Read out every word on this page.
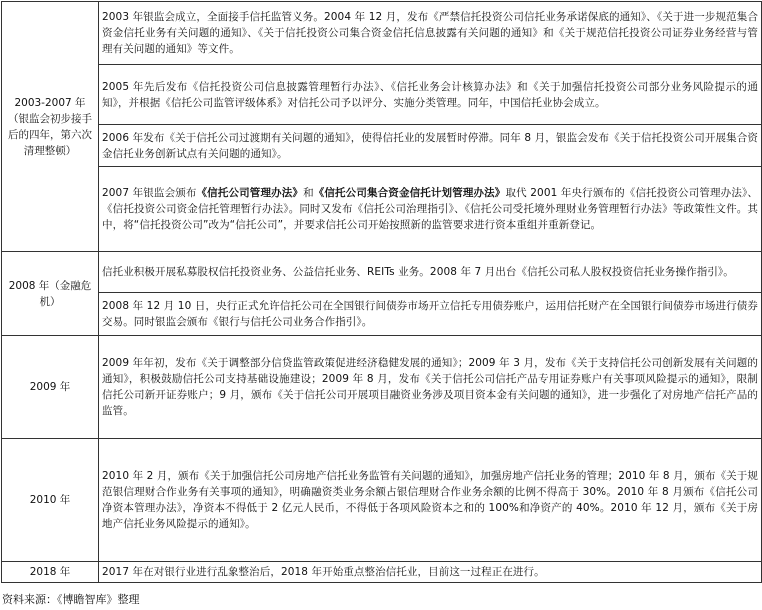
2003-2007 年（银监会初步接手后的四年，第六次清理整顿）	2003 年银监会成立，全面接手信托监管义务。2004 年 12 月，发布《严禁信托投资公司信托业务承诺保底的通知》、《关于进一步规范集合资金信托业务有关问题的通知》、《关于信托投资公司集合资金信托信息披露有关问题的通知》和《关于规范信托投资公司证券业务经营与管理有关问题的通知》等文件。
	2005 年先后发布《信托投资公司信息披露管理暂行办法》、《信托业务会计核算办法》和《关于加强信托投资公司部分业务风险提示的通知》，并根据《信托公司监管评级体系》对信托公司予以评分、实施分类管理。同年，中国信托业协会成立。
	2006 年发布《关于信托公司过渡期有关问题的通知》，使得信托业的发展暂时停滞。同年 8 月，银监会发布《关于信托投资公司开展集合资金信托业务创新试点有关问题的通知》。
	2007 年银监会颁布《信托公司管理办法》和《信托公司集合资金信托计划管理办法》取代 2001 年央行颁布的《信托投资公司管理办法》、《信托投资公司资金信托管理暂行办法》。同时又发布《信托公司治理指引》、《信托公司受托境外理财业务管理暂行办法》等政策性文件。其中，将“信托投资公司”改为“信托公司”，并要求信托公司开始按照新的监管要求进行资本重组并重新登记。
2008 年（金融危机）	信托业积极开展私募股权信托投资业务、公益信托业务、REITs 业务。2008 年 7 月出台《信托公司私人股权投资信托业务操作指引》。
	2008 年 12 月 10 日，央行正式允许信托公司在全国银行间债券市场开立信托专用债券账户，运用信托财产在全国银行间债券市场进行债券交易。同时银监会颁布《银行与信托公司业务合作指引》。
2009 年	2009 年年初，发布《关于调整部分信贷监管政策促进经济稳健发展的通知》；2009 年 3 月，发布《关于支持信托公司创新发展有关问题的通知》，积极鼓励信托公司支持基础设施建设；2009 年 8 月，发布《关于信托公司信托产品专用证券账户有关事项风险提示的通知》，限制信托公司新开证券账户；9 月，颁布《关于信托公司开展项目融资业务涉及项目资本金有关问题的通知》，进一步强化了对房地产信托产品的监管。
2010 年	2010 年 2 月，颁布《关于加强信托公司房地产信托业务监管有关问题的通知》，加强房地产信托业务的管理；2010 年 8 月，颁布《关于规范银信理财合作业务有关事项的通知》，明确融资类业务余额占银信理财合作业务余额的比例不得高于 30%。2010 年 8 月颁布《信托公司净资本管理办法》，净资本不得低于 2 亿元人民币，不得低于各项风险资本之和的 100%和净资产的 40%。2010 年 12 月，颁布《关于房地产信托业务风险提示的通知》。
2018 年	2017 年在对银行业进行乱象整治后，2018 年开始重点整治信托业，目前这一过程正在进行。
资料来源：《博瞻智库》整理
